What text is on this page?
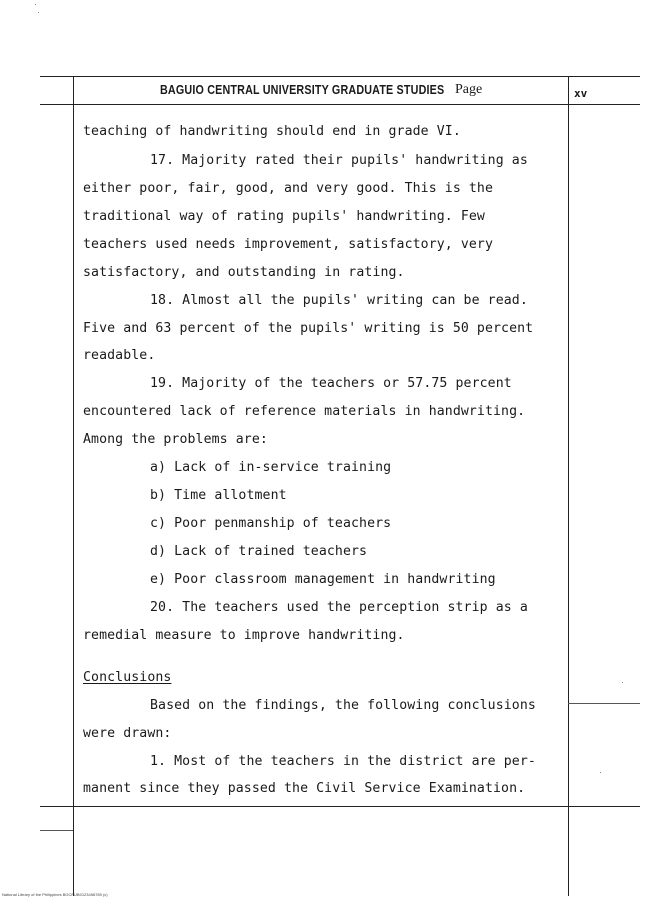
BAGUIO CENTRAL UNIVERSITY GRADUATE STUDIES Page	xv
teaching of handwriting should end in grade VI.
17. Majority rated their pupils' handwriting as
either poor, fair, good, and very good. This is the
traditional way of rating pupils' handwriting. Few
teachers used needs improvement, satisfactory, very
satisfactory, and outstanding in rating.
18. Almost all the pupils' writing can be read.
Five and 63 percent of the pupils' writing is 50 percent
readable.
19. Majority of the teachers or 57.75 percent
encountered lack of reference materials in handwriting.
Among the problems are:
a) Lack of in-service training
b) Time allotment
c) Poor penmanship of teachers
d) Lack of trained teachers
e) Poor classroom management in handwriting
20. The teachers used the perception strip as a
remedial measure to improve handwriting.
Conclusions
Based on the findings, the following conclusions
were drawn:
1. Most of the teachers in the district are per-
manent since they passed the Civil Service Examination.
National Library of the Philippines BGCPUB0123456789 (c)
